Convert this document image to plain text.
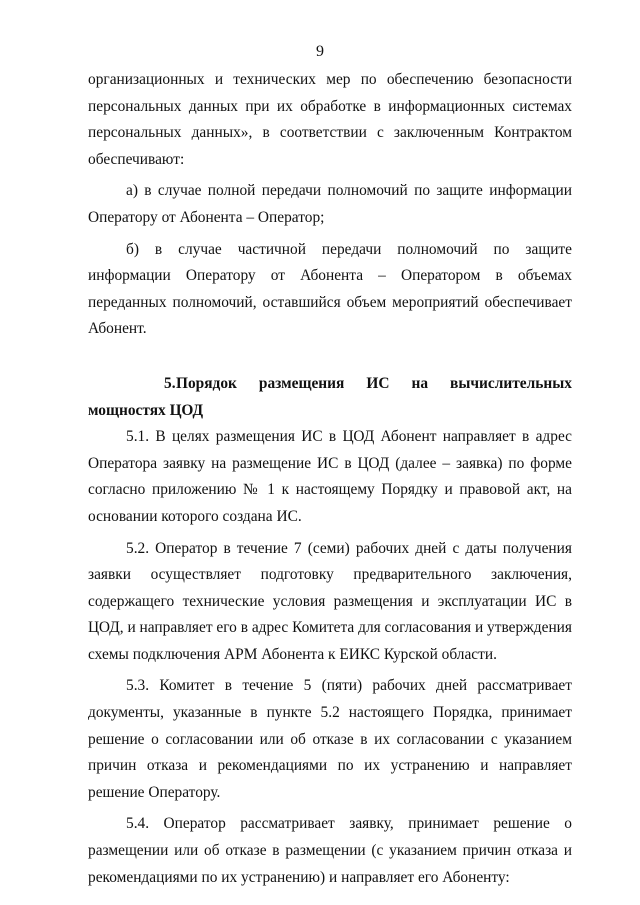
9

организационных и технических мер по обеспечению безопасности персональных данных при их обработке в информационных системах персональных данных», в соответствии с заключенным Контрактом обеспечивают:

а) в случае полной передачи полномочий по защите информации Оператору от Абонента – Оператор;

б) в случае частичной передачи полномочий по защите информации Оператору от Абонента – Оператором в объемах переданных полномочий, оставшийся объем мероприятий обеспечивает Абонент.

5.Порядок размещения ИС на вычислительных мощностях ЦОД

5.1. В целях размещения ИС в ЦОД Абонент направляет в адрес Оператора заявку на размещение ИС в ЦОД (далее – заявка) по форме согласно приложению № 1 к настоящему Порядку и правовой акт, на основании которого создана ИС.

5.2. Оператор в течение 7 (семи) рабочих дней с даты получения заявки осуществляет подготовку предварительного заключения, содержащего технические условия размещения и эксплуатации ИС в ЦОД, и направляет его в адрес Комитета для согласования и утверждения схемы подключения АРМ Абонента к ЕИКС Курской области.

5.3. Комитет в течение 5 (пяти) рабочих дней рассматривает документы, указанные в пункте 5.2 настоящего Порядка, принимает решение о согласовании или об отказе в их согласовании с указанием причин отказа и рекомендациями по их устранению и направляет решение Оператору.

5.4. Оператор рассматривает заявку, принимает решение о размещении или об отказе в размещении (с указанием причин отказа и рекомендациями по их устранению) и направляет его Абоненту:
